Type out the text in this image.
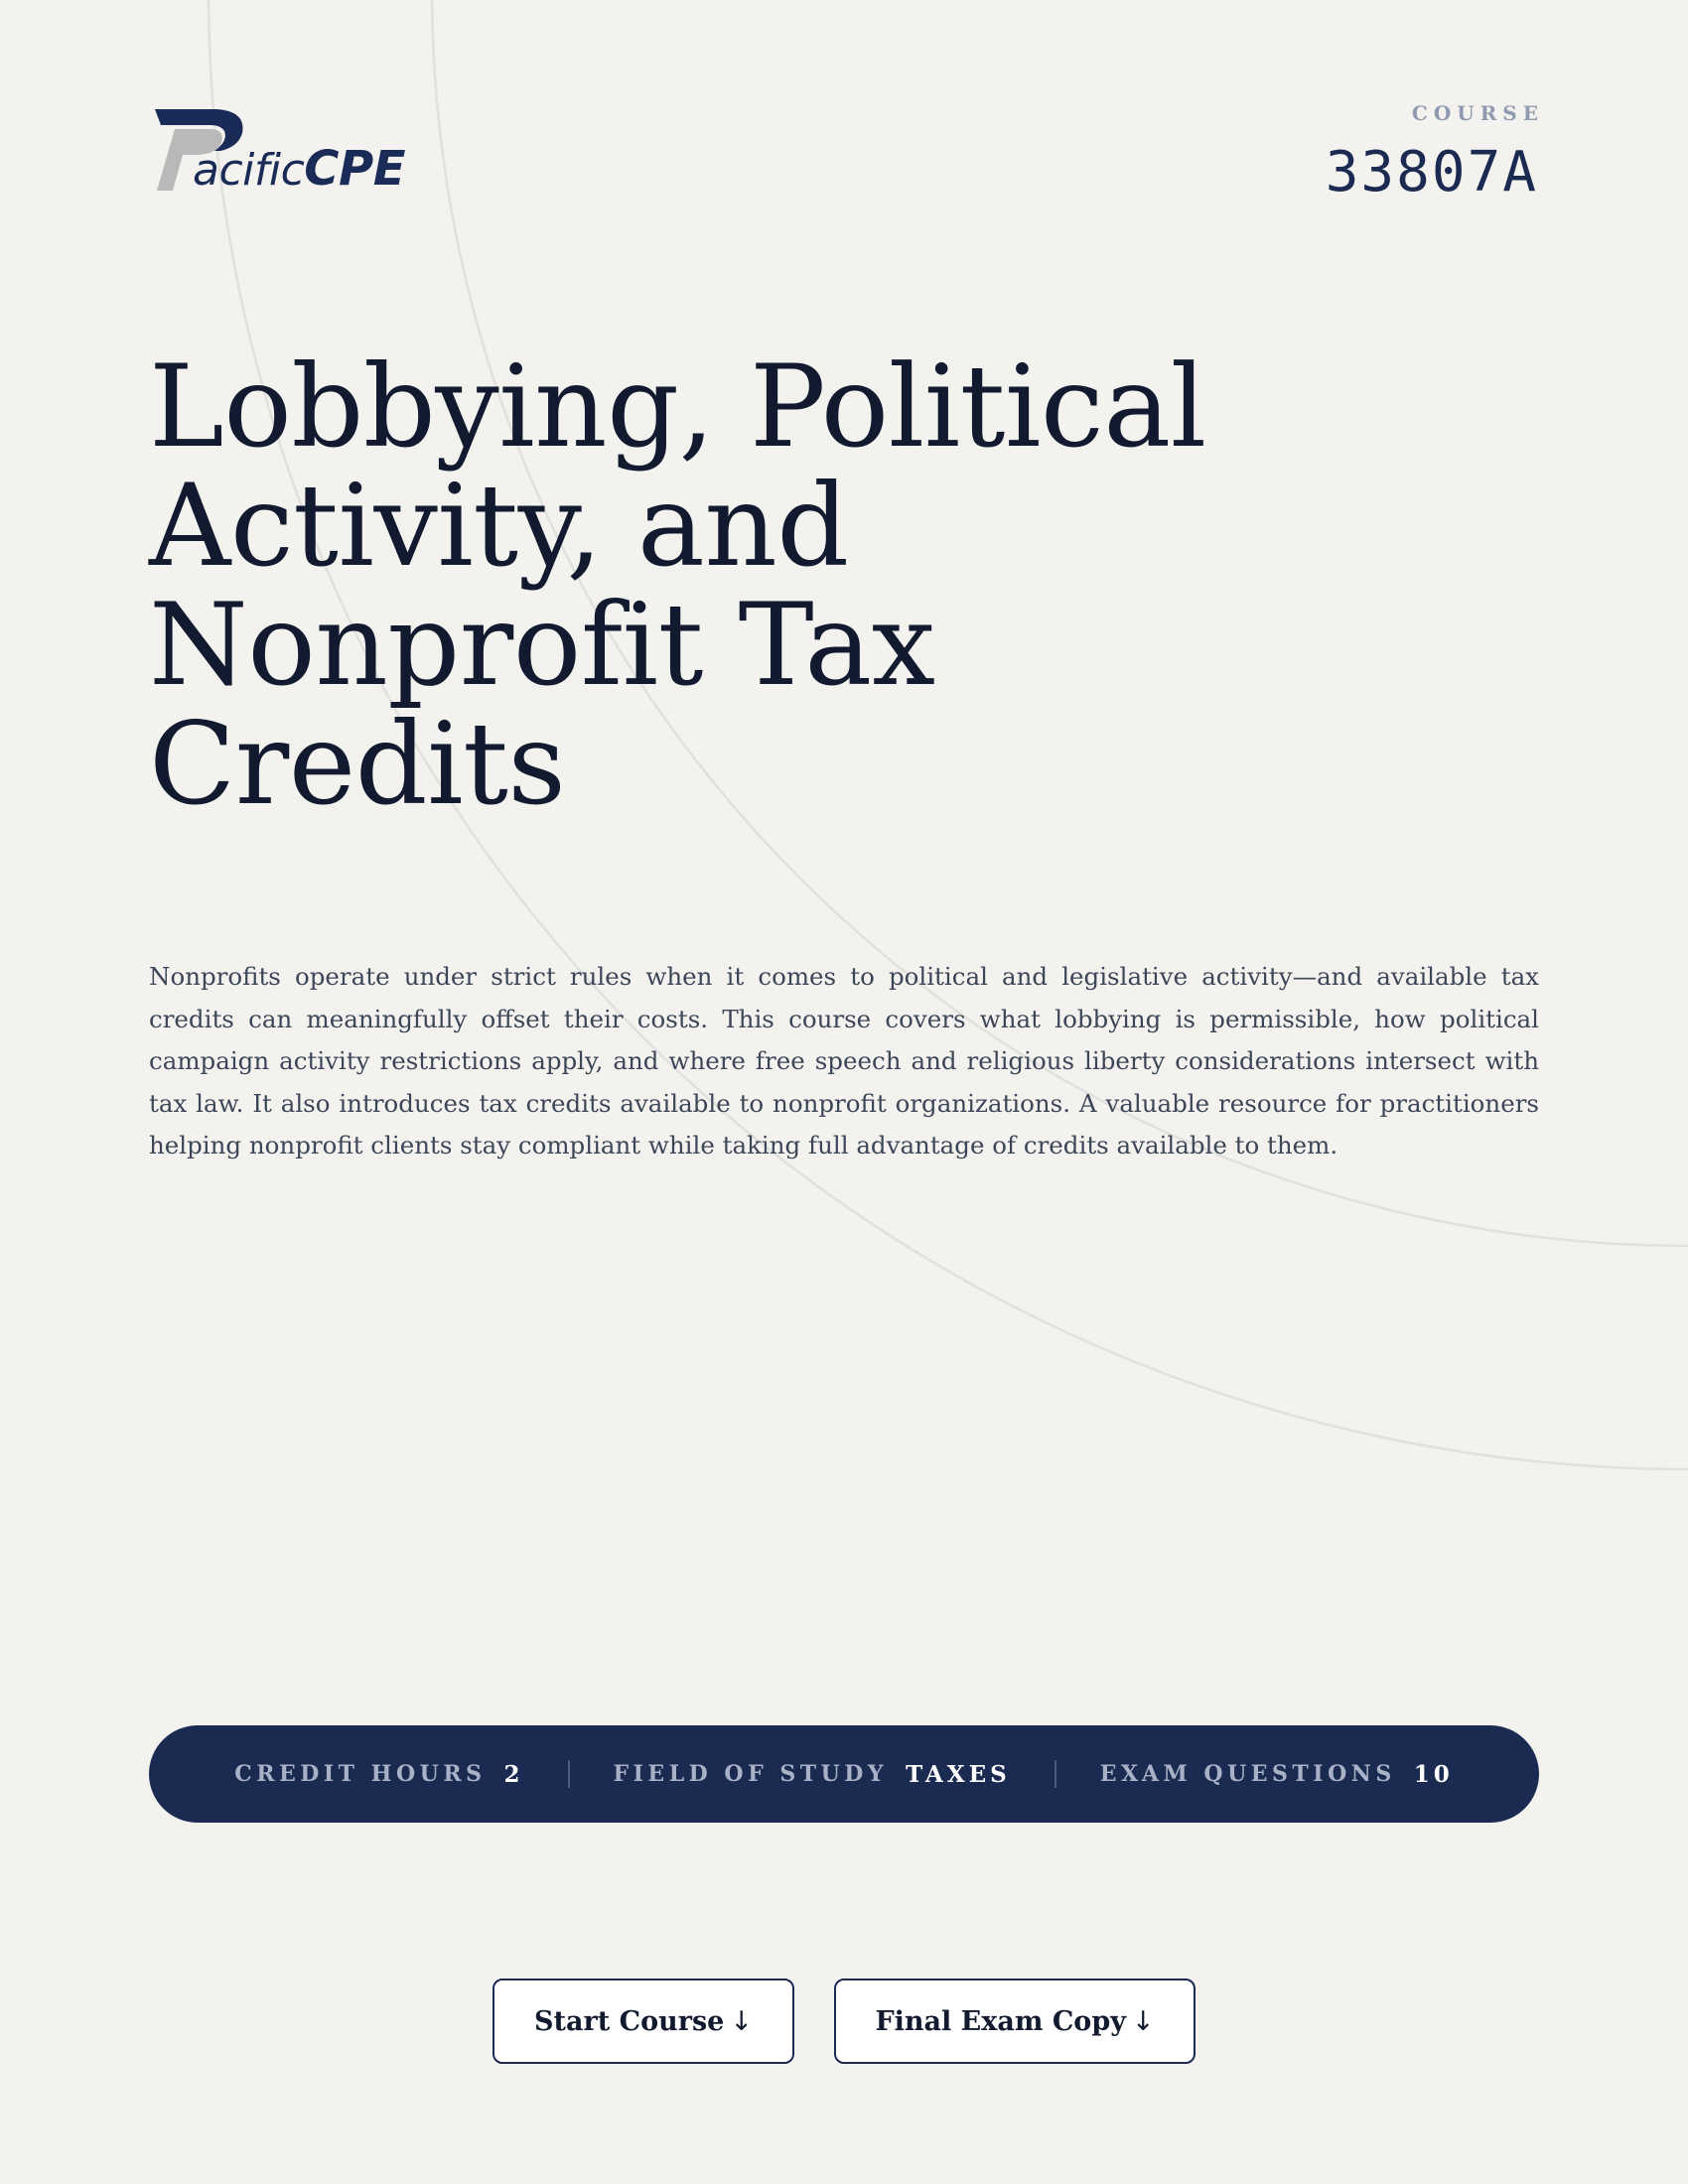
acificCPE
COURSE
33807A
Lobbying, Political Activity, and Nonprofit Tax Credits

Nonprofits operate under strict rules when it comes to political and legislative activity—and available tax credits can meaningfully offset their costs. This course covers what lobbying is permissible, how political campaign activity restrictions apply, and where free speech and religious liberty considerations intersect with tax law. It also introduces tax credits available to nonprofit organizations. A valuable resource for practitioners helping nonprofit clients stay compliant while taking full advantage of credits available to them.

CREDIT HOURS 2	FIELD OF STUDY TAXES	EXAM QUESTIONS 10
Start Course ↓	Final Exam Copy ↓
